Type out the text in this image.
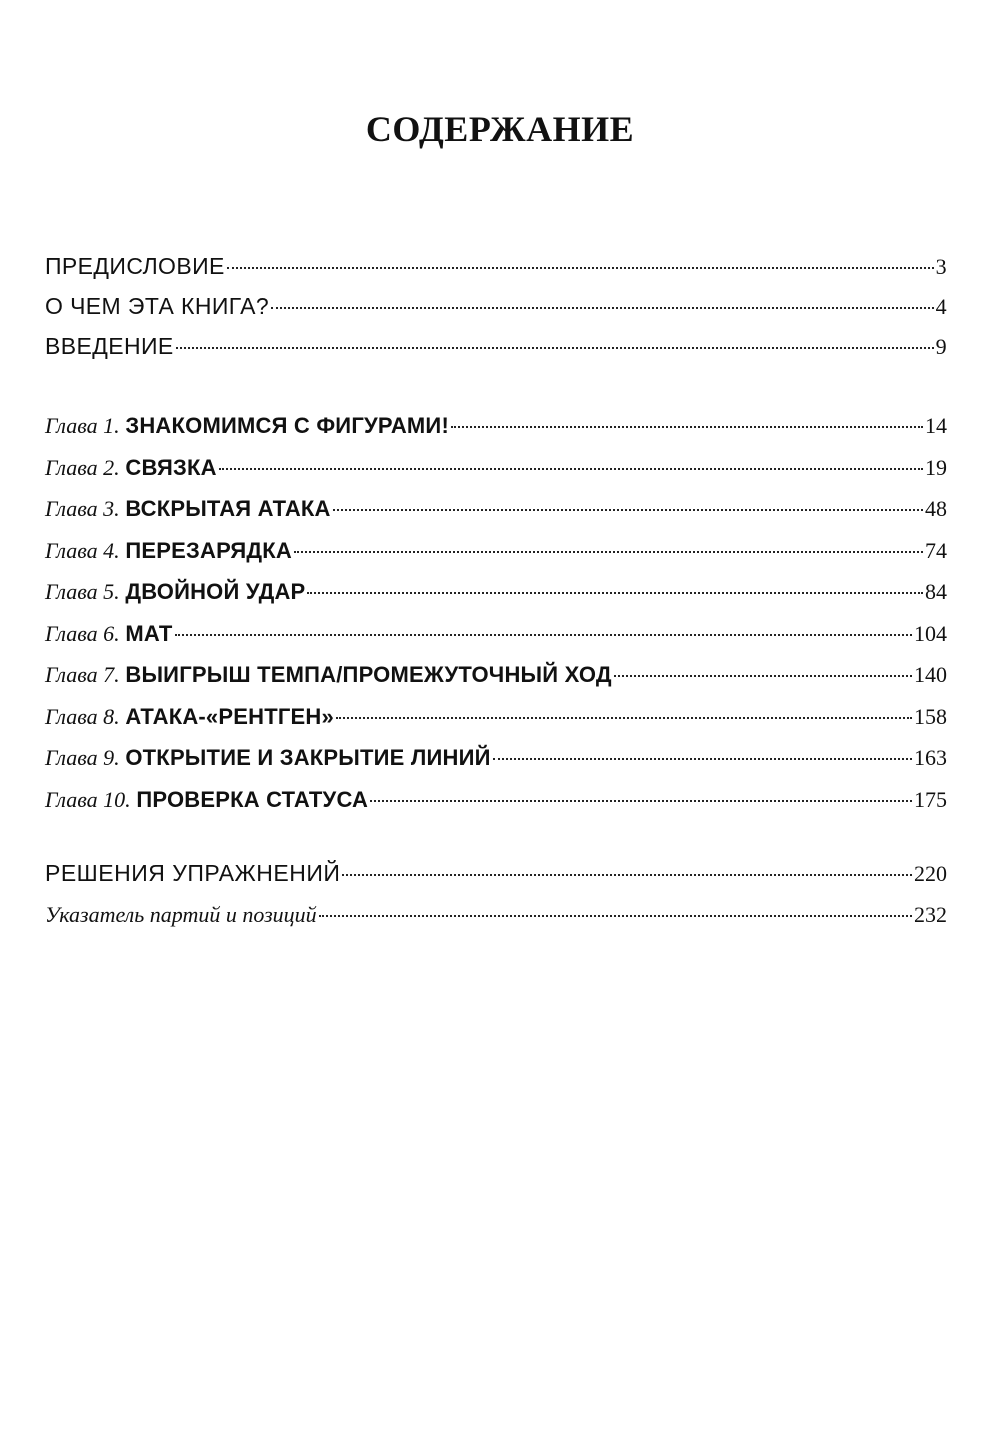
СОДЕРЖАНИЕ
ПРЕДИСЛОВИЕ	3
О ЧЕМ ЭТА КНИГА?	4
ВВЕДЕНИЕ	9
Глава 1. ЗНАКОМИМСЯ С ФИГУРАМИ!	14
Глава 2. СВЯЗКА	19
Глава 3. ВСКРЫТАЯ АТАКА	48
Глава 4. ПЕРЕЗАРЯДКА	74
Глава 5. ДВОЙНОЙ УДАР	84
Глава 6. МАТ	104
Глава 7. ВЫИГРЫШ ТЕМПА/ПРОМЕЖУТОЧНЫЙ ХОД	140
Глава 8. АТАКА-«РЕНТГЕН»	158
Глава 9. ОТКРЫТИЕ И ЗАКРЫТИЕ ЛИНИЙ	163
Глава 10. ПРОВЕРКА СТАТУСА	175
РЕШЕНИЯ УПРАЖНЕНИЙ	220
Указатель партий и позиций	232
